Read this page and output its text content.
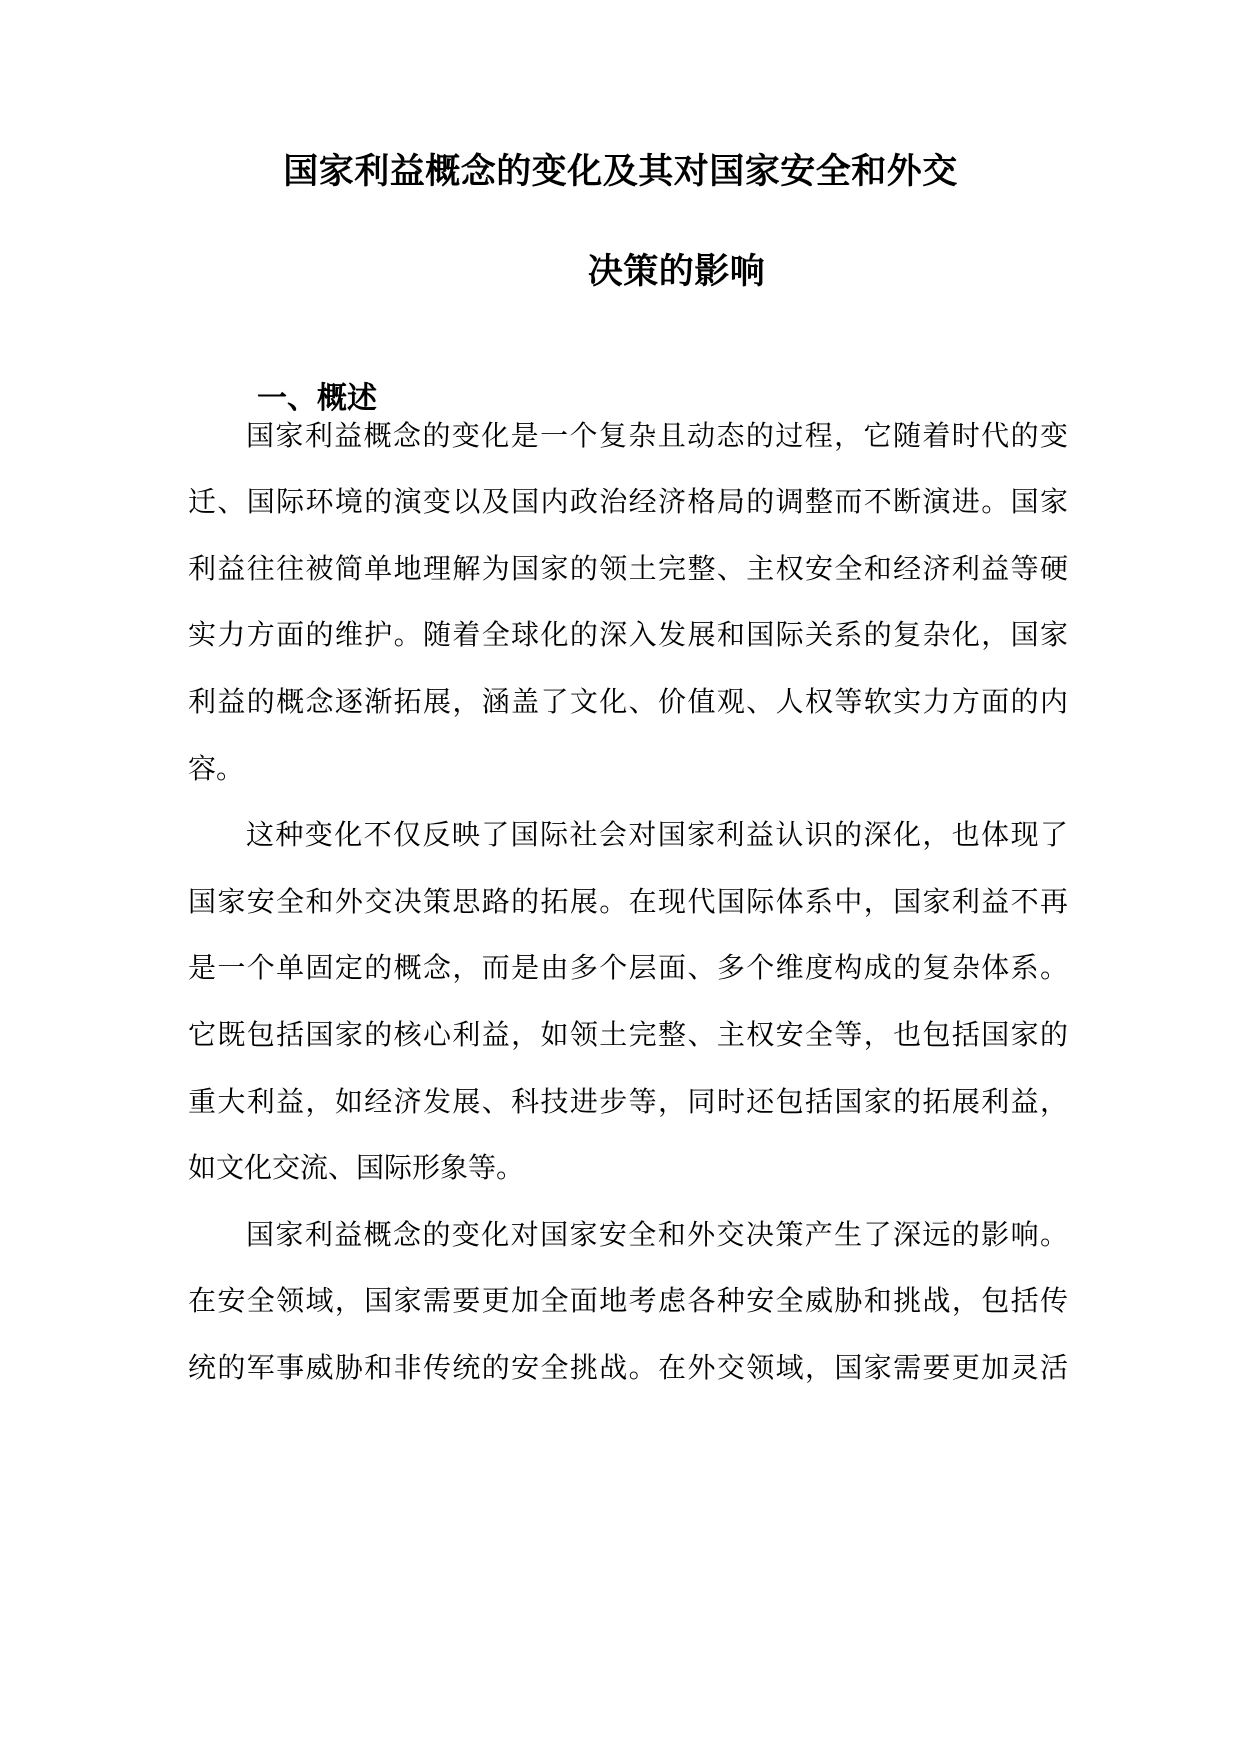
国家利益概念的变化及其对国家安全和外交
决策的影响
一、概述
国家利益概念的变化是一个复杂且动态的过程，它随着时代的变
迁、国际环境的演变以及国内政治经济格局的调整而不断演进。国家
利益往往被简单地理解为国家的领土完整、主权安全和经济利益等硬
实力方面的维护。随着全球化的深入发展和国际关系的复杂化，国家
利益的概念逐渐拓展，涵盖了文化、价值观、人权等软实力方面的内
容。
这种变化不仅反映了国际社会对国家利益认识的深化，也体现了
国家安全和外交决策思路的拓展。在现代国际体系中，国家利益不再
是一个单固定的概念，而是由多个层面、多个维度构成的复杂体系。
它既包括国家的核心利益，如领土完整、主权安全等，也包括国家的
重大利益，如经济发展、科技进步等，同时还包括国家的拓展利益，
如文化交流、国际形象等。
国家利益概念的变化对国家安全和外交决策产生了深远的影响。
在安全领域，国家需要更加全面地考虑各种安全威胁和挑战，包括传
统的军事威胁和非传统的安全挑战。在外交领域，国家需要更加灵活
